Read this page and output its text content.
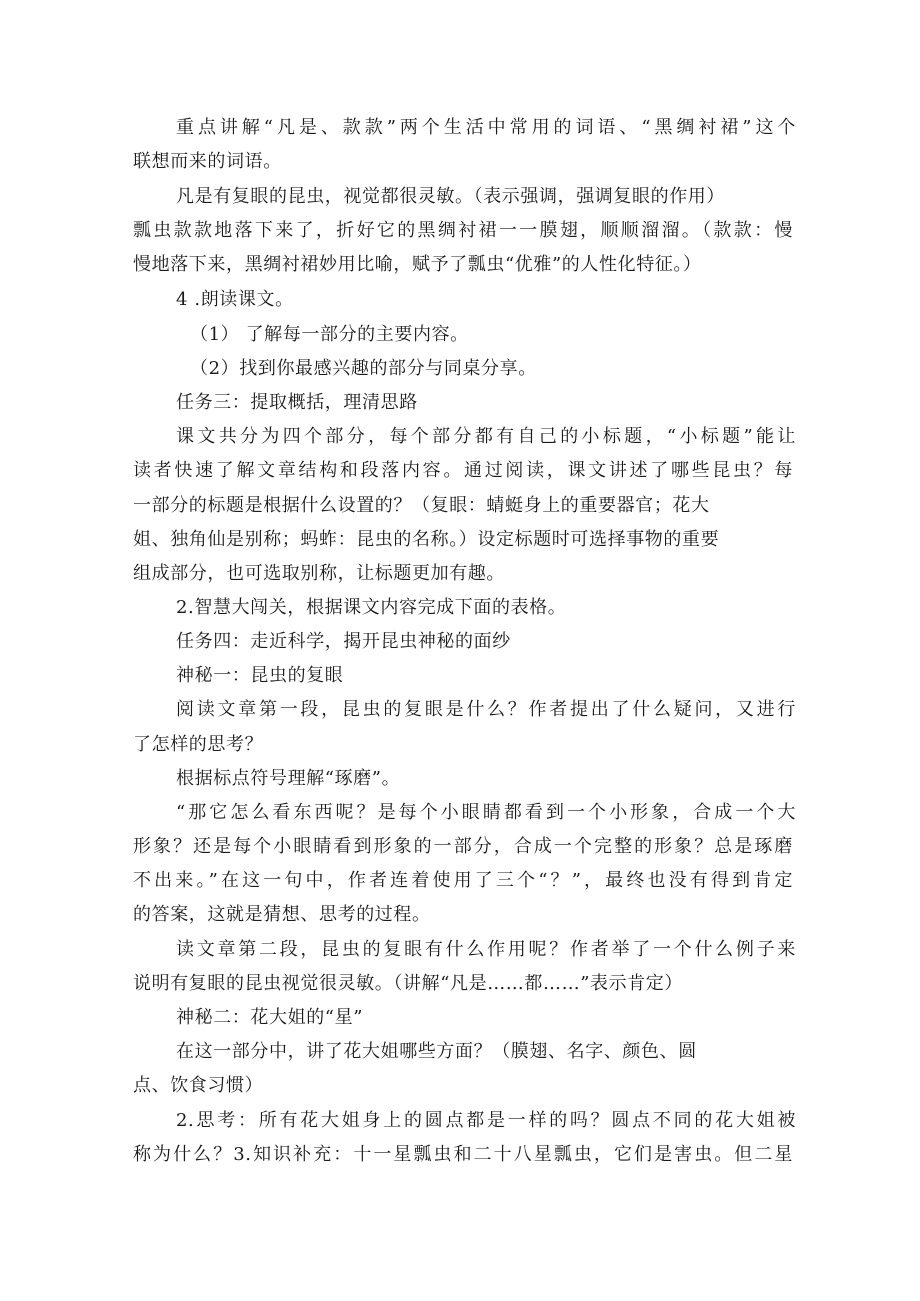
重点讲解“凡是、款款”两个生活中常用的词语、“黑绸衬裙”这个
联想而来的词语。
凡是有复眼的昆虫，视觉都很灵敏。（表示强调，强调复眼的作用）
瓢虫款款地落下来了，折好它的黑绸衬裙一一膜翅，顺顺溜溜。（款款：慢
慢地落下来，黑绸衬裙妙用比喻，赋予了瓢虫“优雅”的人性化特征。）
4 .朗读课文。
（1） 了解每一部分的主要内容。
（2）找到你最感兴趣的部分与同桌分享。
任务三：提取概括，理清思路
课文共分为四个部分，每个部分都有自己的小标题，“小标题”能让
读者快速了解文章结构和段落内容。通过阅读，课文讲述了哪些昆虫？每
一部分的标题是根据什么设置的？（复眼：蜻蜓身上的重要器官；花大
姐、独角仙是别称；蚂蚱：昆虫的名称。）设定标题时可选择事物的重要
组成部分，也可选取别称，让标题更加有趣。
2.智慧大闯关，根据课文内容完成下面的表格。
任务四：走近科学，揭开昆虫神秘的面纱
神秘一：昆虫的复眼
阅读文章第一段，昆虫的复眼是什么？作者提出了什么疑问，又进行
了怎样的思考？
根据标点符号理解“琢磨”。
“那它怎么看东西呢？是每个小眼睛都看到一个小形象，合成一个大
形象？还是每个小眼睛看到形象的一部分，合成一个完整的形象？总是琢磨
不出来。”在这一句中，作者连着使用了三个“？”，最终也没有得到肯定
的答案，这就是猜想、思考的过程。
读文章第二段，昆虫的复眼有什么作用呢？作者举了一个什么例子来
说明有复眼的昆虫视觉很灵敏。（讲解“凡是……都……”表示肯定）
神秘二：花大姐的“星”
在这一部分中，讲了花大姐哪些方面？（膜翅、名字、颜色、圆
点、饮食习惯）
2.思考：所有花大姐身上的圆点都是一样的吗？圆点不同的花大姐被
称为什么？3.知识补充：十一星瓢虫和二十八星瓢虫，它们是害虫。但二星
